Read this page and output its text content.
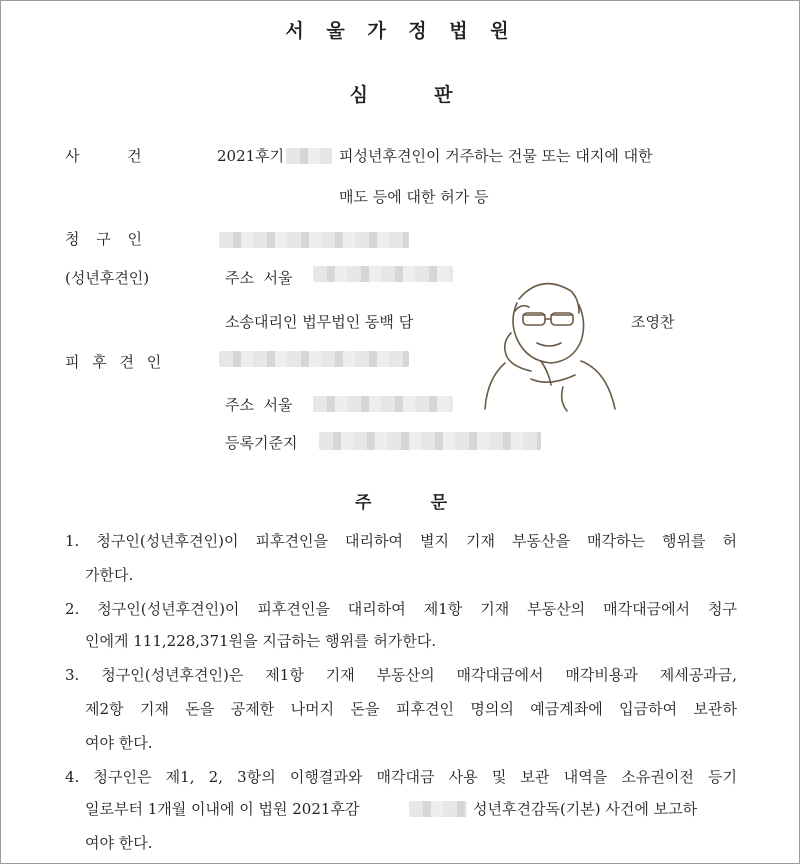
서 울 가 정 법 원
심          판
사          건	2021후기	피성년후견인이 거주하는 건물 또는 대지에 대한
매도 등에 대한 허가 등
청 구 인
(성년후견인)	주소  서울
소송대리인 법무법인 동백 담	조영찬
피 후 견 인
주소  서울
등록기준지
주          문
1. 청구인(성년후견인)이 피후견인을 대리하여 별지 기재 부동산을 매각하는 행위를 허
가한다.
2. 청구인(성년후견인)이 피후견인을 대리하여 제1항 기재 부동산의 매각대금에서 청구
인에게 111,228,371원을 지급하는 행위를 허가한다.
3. 청구인(성년후견인)은 제1항 기재 부동산의 매각대금에서 매각비용과 제세공과금,
제2항 기재 돈을 공제한 나머지 돈을 피후견인 명의의 예금계좌에 입금하여 보관하
여야 한다.
4. 청구인은 제1, 2, 3항의 이행결과와 매각대금 사용 및 보관 내역을 소유권이전 등기
일로부터 1개월 이내에 이 법원 2021후감	성년후견감독(기본) 사건에 보고하
여야 한다.
